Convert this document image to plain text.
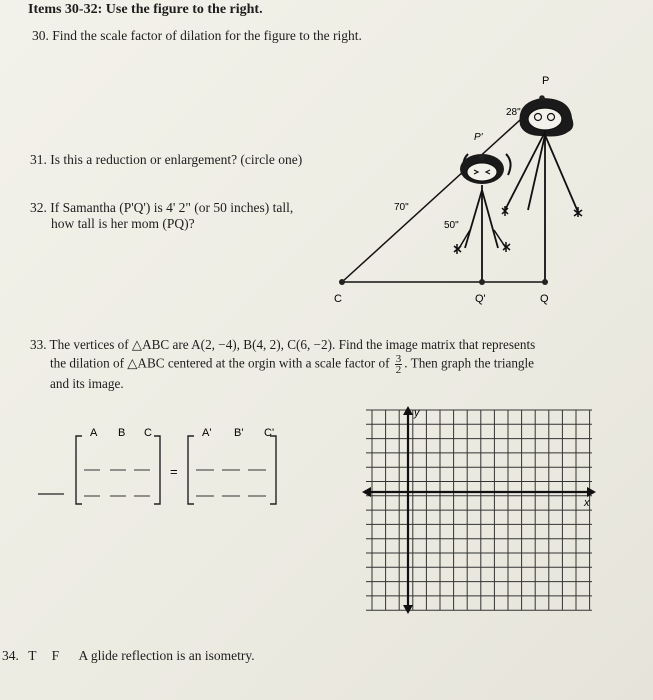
Items 30-32: Use the figure to the right.
30. Find the scale factor of dilation for the figure to the right.
31. Is this a reduction or enlargement? (circle one)
32. If Samantha (P'Q') is 4' 2" (or 50 inches) tall,
how tall is her mom (PQ)?
P
P'
28"
70"
50"
C	Q'	Q
33. The vertices of △ABC are A(2, −4), B(4, 2), C(6, −2). Find the image matrix that represents
the dilation of △ABC centered at the orgin with a scale factor of $\frac{3}{2}$ . Then graph the triangle
and its image.
A B C	A' B' C'
=
x
y
34. T F A glide reflection is an isometry.
